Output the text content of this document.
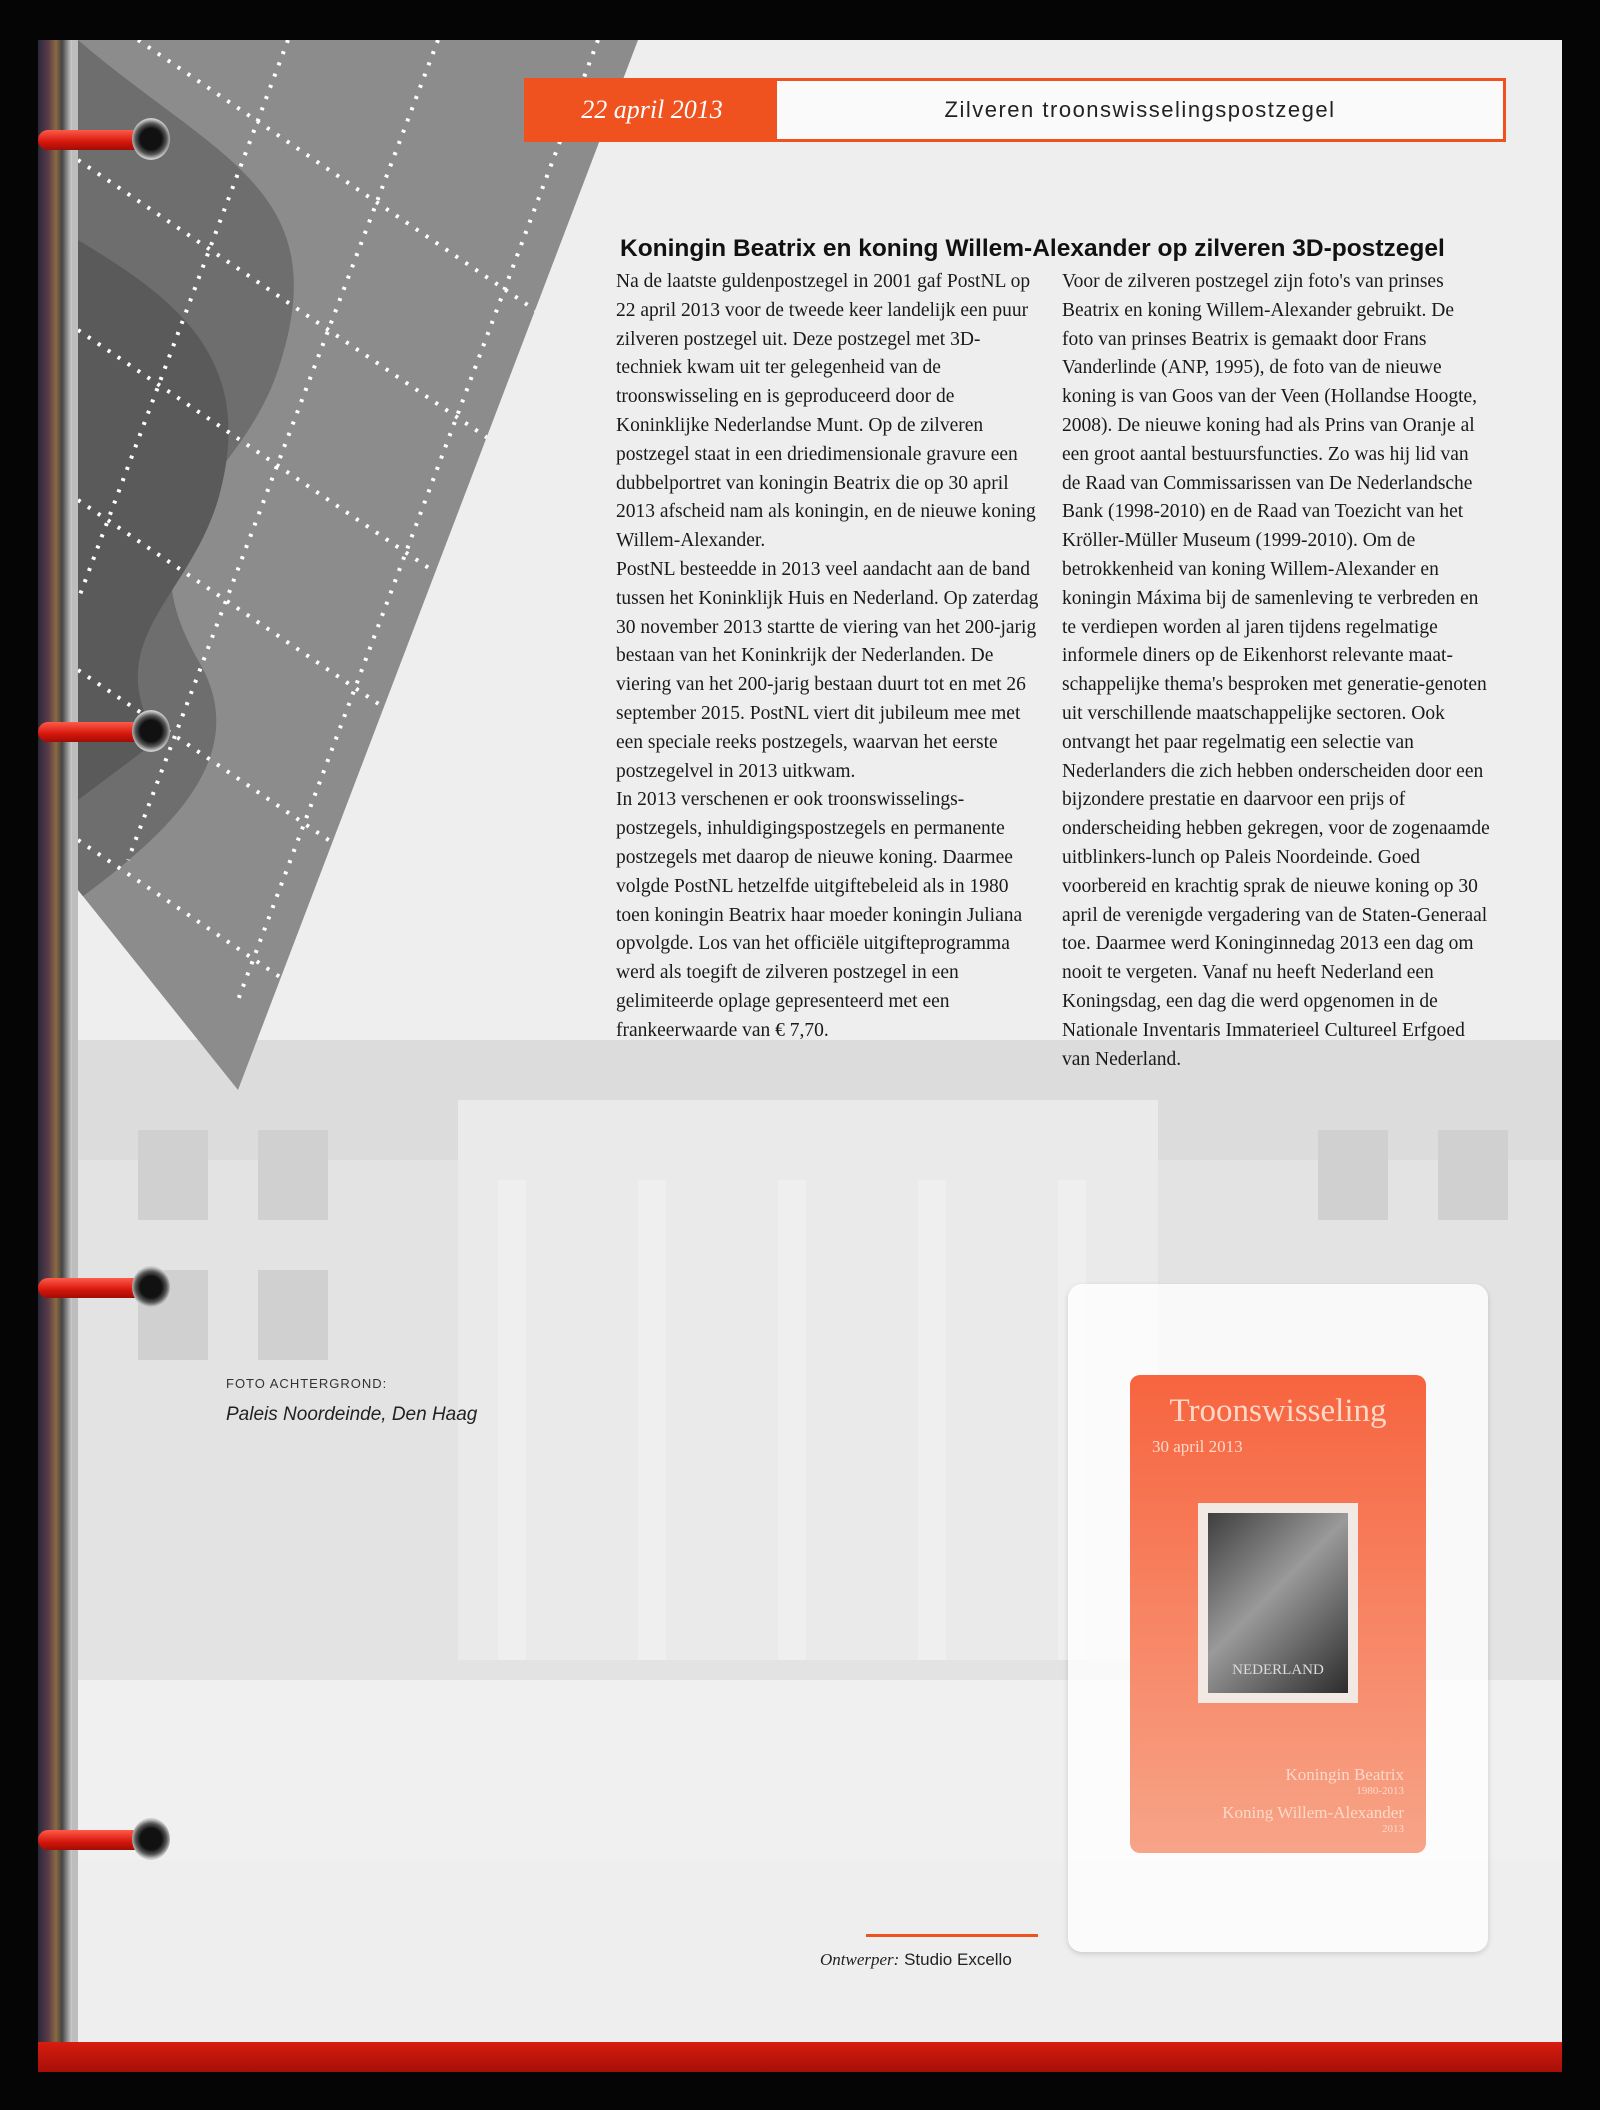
22 april 2013	Zilveren troonswisselingspostzegel
Koningin Beatrix en koning Willem-Alexander op zilveren 3D-postzegel

Na de laatste guldenpostzegel in 2001 gaf PostNL op 22 april 2013 voor de tweede keer landelijk een puur zilveren postzegel uit. Deze postzegel met 3D-techniek kwam uit ter gelegenheid van de troonswisseling en is geproduceerd door de Koninklijke Nederlandse Munt. Op de zilveren postzegel staat in een driedimensionale gravure een dubbelportret van koningin Beatrix die op 30 april 2013 afscheid nam als koningin, en de nieuwe koning Willem-Alexander.

PostNL besteedde in 2013 veel aandacht aan de band tussen het Koninklijk Huis en Nederland. Op zaterdag 30 november 2013 startte de viering van het 200-jarig bestaan van het Koninkrijk der Nederlanden. De viering van het 200-jarig bestaan duurt tot en met 26 september 2015. PostNL viert dit jubileum mee met een speciale reeks postzegels, waarvan het eerste postzegelvel in 2013 uitkwam.

In 2013 verschenen er ook troonswisselings-postzegels, inhuldigingspostzegels en permanente postzegels met daarop de nieuwe koning. Daarmee volgde PostNL hetzelfde uitgiftebeleid als in 1980 toen koningin Beatrix haar moeder koningin Juliana opvolgde. Los van het officiële uitgifteprogramma werd als toegift de zilveren postzegel in een gelimiteerde oplage gepresenteerd met een frankeerwaarde van € 7,70.

Voor de zilveren postzegel zijn foto's van prinses Beatrix en koning Willem-Alexander gebruikt. De foto van prinses Beatrix is gemaakt door Frans Vanderlinde (ANP, 1995), de foto van de nieuwe koning is van Goos van der Veen (Hollandse Hoogte, 2008). De nieuwe koning had als Prins van Oranje al een groot aantal bestuursfuncties. Zo was hij lid van de Raad van Commissarissen van De Nederlandsche Bank (1998-2010) en de Raad van Toezicht van het Kröller-Müller Museum (1999-2010). Om de betrokkenheid van koning Willem-Alexander en koningin Máxima bij de samenleving te verbreden en te verdiepen worden al jaren tijdens regelmatige informele diners op de Eikenhorst relevante maat-schappelijke thema's besproken met generatie-genoten uit verschillende maatschappelijke sectoren. Ook ontvangt het paar regelmatig een selectie van Nederlanders die zich hebben onderscheiden door een bijzondere prestatie en daarvoor een prijs of onderscheiding hebben gekregen, voor de zogenaamde uitblinkers-lunch op Paleis Noordeinde. Goed voorbereid en krachtig sprak de nieuwe koning op 30 april de verenigde vergadering van de Staten-Generaal toe. Daarmee werd Koninginnedag 2013 een dag om nooit te vergeten. Vanaf nu heeft Nederland een Koningsdag, een dag die werd opgenomen in de Nationale Inventaris Immaterieel Cultureel Erfgoed van Nederland.

FOTO ACHTERGROND:
Paleis Noordeinde, Den Haag	Troonswisseling
30 april 2013
NEDERLAND
Koningin Beatrix
1980-2013
Koning Willem-Alexander
2013
Ontwerper: Studio Excello
